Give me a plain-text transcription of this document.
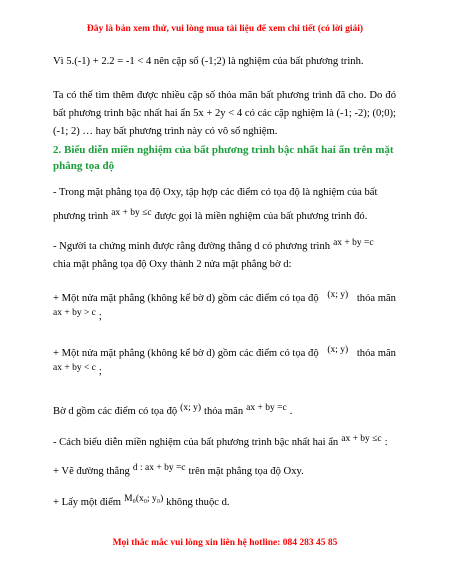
Đây là bản xem thử, vui lòng mua tài liệu để xem chi tiết (có lời giải)
Vì 5.(-1) + 2.2 = -1 < 4 nên cặp số (-1;2) là nghiệm của bất phương trình.
Ta có thể tìm thêm được nhiều cặp số thỏa mãn bất phương trình đã cho. Do đó bất phương trình bậc nhất hai ẩn 5x + 2y < 4 có các cặp nghiệm là (-1; -2); (0;0); (-1; 2) … hay bất phương trình này có vô số nghiệm.
2. Biểu diễn miền nghiệm của bất phương trình bậc nhất hai ẩn trên mặt phẳng tọa độ
- Trong mặt phẳng tọa độ Oxy, tập hợp các điểm có tọa độ là nghiệm của bất
phương trình ax + by ≤c được gọi là miền nghiệm của bất phương trình đó.
- Người ta chứng minh được rằng đường thẳng d có phương trình ax + by =c
chia mặt phẳng tọa độ Oxy thành 2 nửa mặt phẳng bờ d:
+ Một nửa mặt phẳng (không kể bờ d) gồm các điểm có tọa độ (x; y) thỏa mãn
ax + by > c ;
+ Một nửa mặt phẳng (không kể bờ d) gồm các điểm có tọa độ (x; y) thỏa mãn
ax + by < c ;
Bờ d gồm các điểm có tọa độ (x; y) thỏa mãn ax + by =c .
- Cách biểu diễn miền nghiệm của bất phương trình bậc nhất hai ẩn ax + by ≤c :
+ Vẽ đường thẳng d : ax + by =c trên mặt phẳng tọa độ Oxy.
+ Lấy một điểm M₀(x₀; y₀) không thuộc d.
Mọi thắc mắc vui lòng xin liên hệ hotline: 084 283 45 85
